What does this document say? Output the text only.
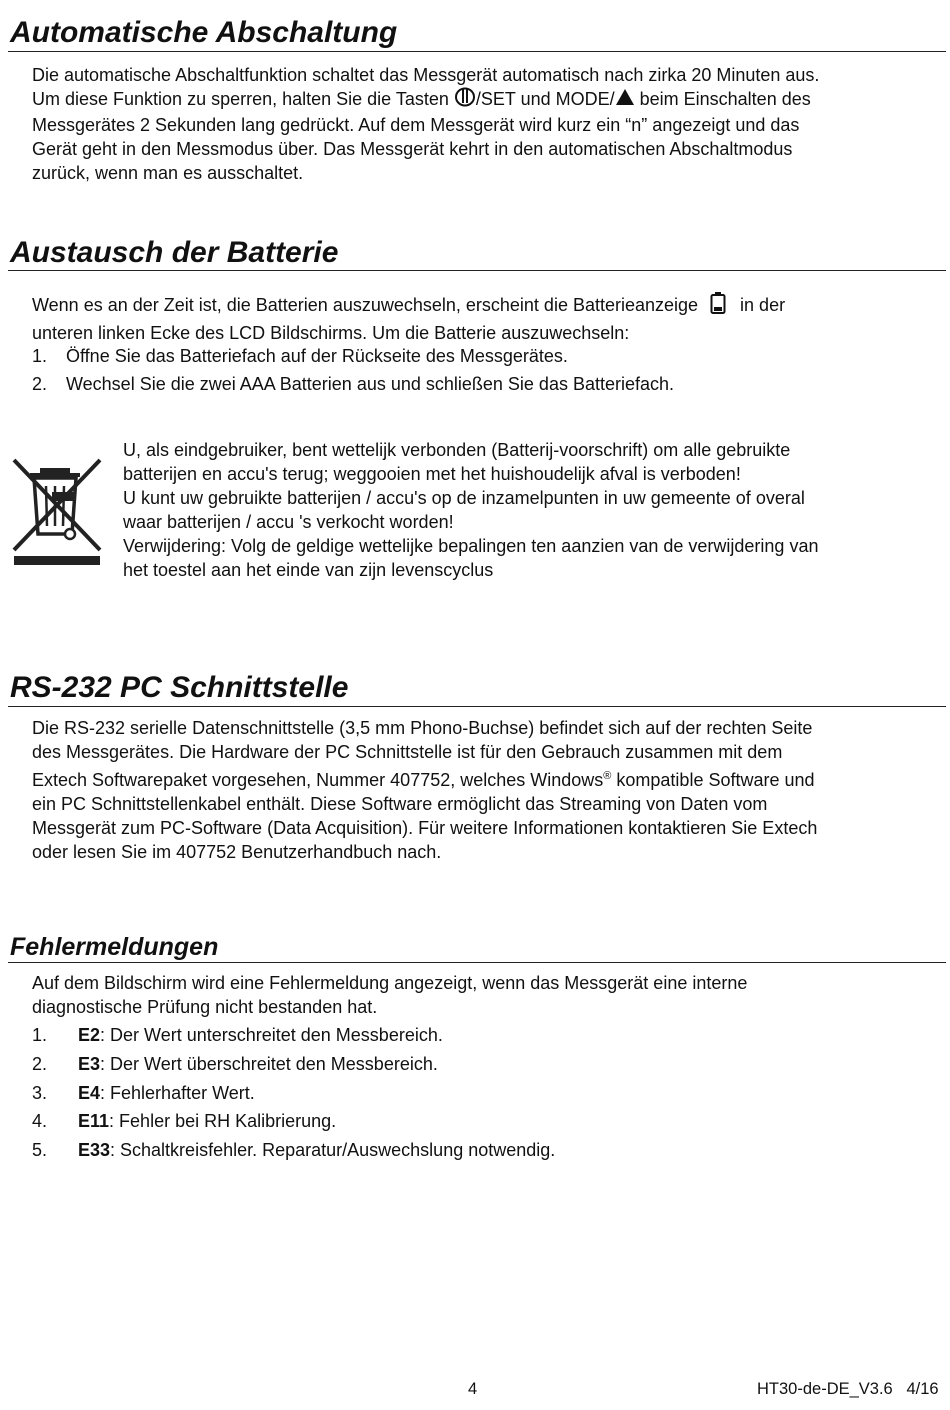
Automatische Abschaltung
Die automatische Abschaltfunktion schaltet das Messgerät automatisch nach zirka 20 Minuten aus.
Um diese Funktion zu sperren, halten Sie die Tasten /SET und MODE/ beim Einschalten des
Messgerätes 2 Sekunden lang gedrückt. Auf dem Messgerät wird kurz ein “n” angezeigt und das
Gerät geht in den Messmodus über. Das Messgerät kehrt in den automatischen Abschaltmodus
zurück, wenn man es ausschaltet.
Austausch der Batterie
Wenn es an der Zeit ist, die Batterien auszuwechseln, erscheint die Batterieanzeige in der
unteren linken Ecke des LCD Bildschirms. Um die Batterie auszuwechseln:
1. Öffne Sie das Batteriefach auf der Rückseite des Messgerätes.
2. Wechsel Sie die zwei AAA Batterien aus und schließen Sie das Batteriefach.
U, als eindgebruiker, bent wettelijk verbonden (Batterij-voorschrift) om alle gebruikte
batterijen en accu's terug; weggooien met het huishoudelijk afval is verboden!
U kunt uw gebruikte batterijen / accu's op de inzamelpunten in uw gemeente of overal
waar batterijen / accu 's verkocht worden!
Verwijdering: Volg de geldige wettelijke bepalingen ten aanzien van de verwijdering van
het toestel aan het einde van zijn levenscyclus
RS-232 PC Schnittstelle
Die RS-232 serielle Datenschnittstelle (3,5 mm Phono-Buchse) befindet sich auf der rechten Seite
des Messgerätes. Die Hardware der PC Schnittstelle ist für den Gebrauch zusammen mit dem
Extech Softwarepaket vorgesehen, Nummer 407752, welches Windows® kompatible Software und
ein PC Schnittstellenkabel enthält. Diese Software ermöglicht das Streaming von Daten vom
Messgerät zum PC-Software (Data Acquisition). Für weitere Informationen kontaktieren Sie Extech
oder lesen Sie im 407752 Benutzerhandbuch nach.
Fehlermeldungen
Auf dem Bildschirm wird eine Fehlermeldung angezeigt, wenn das Messgerät eine interne
diagnostische Prüfung nicht bestanden hat.
1. E2: Der Wert unterschreitet den Messbereich.
2. E3: Der Wert überschreitet den Messbereich.
3. E4: Fehlerhafter Wert.
4. E11: Fehler bei RH Kalibrierung.
5. E33: Schaltkreisfehler. Reparatur/Auswechslung notwendig.
4	HT30-de-DE_V3.6   4/16
